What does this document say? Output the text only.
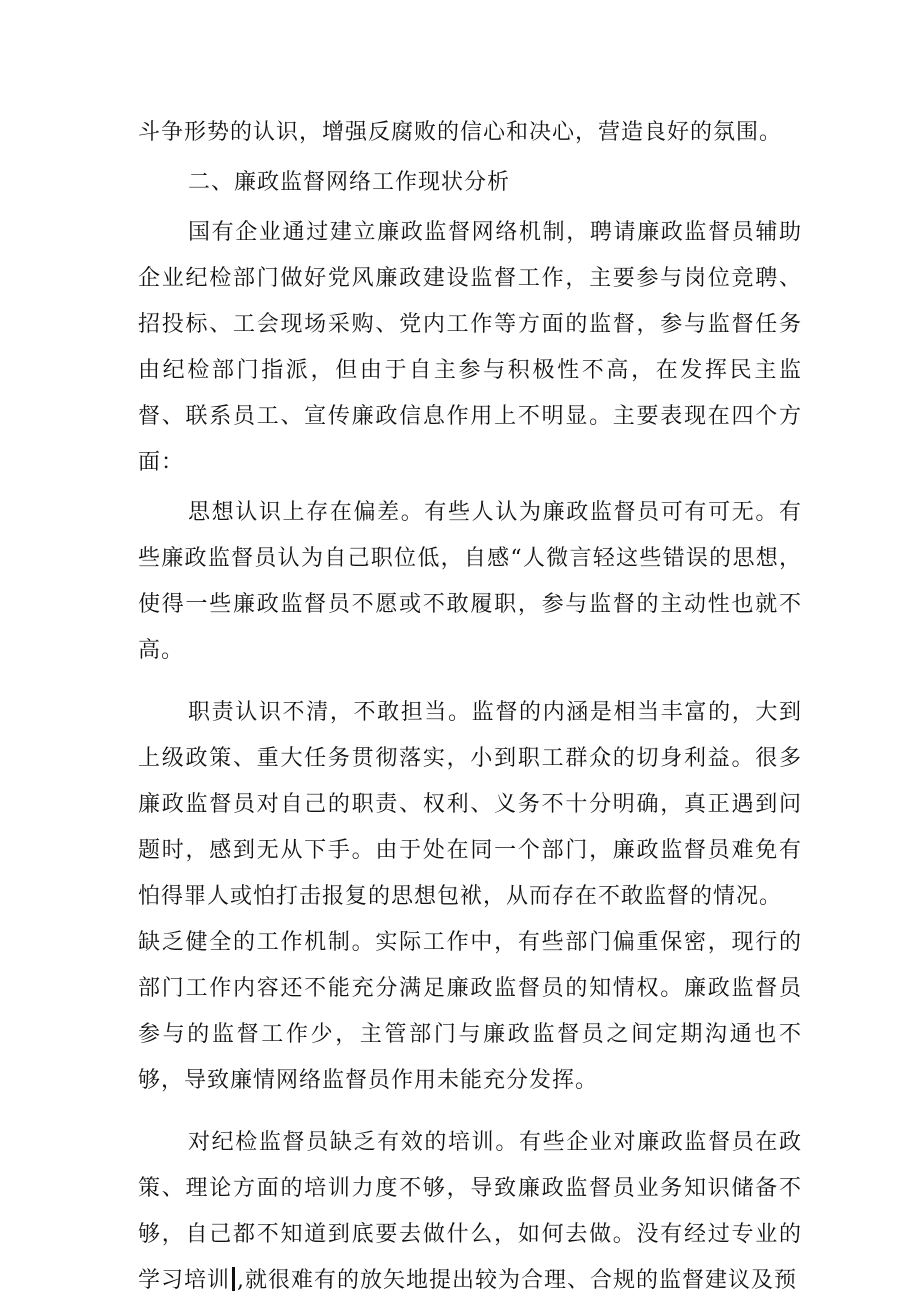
斗争形势的认识，增强反腐败的信心和决心，营造良好的氛围。

二、廉政监督网络工作现状分析

国有企业通过建立廉政监督网络机制，聘请廉政监督员辅助企业纪检部门做好党风廉政建设监督工作，主要参与岗位竞聘、招投标、工会现场采购、党内工作等方面的监督，参与监督任务由纪检部门指派，但由于自主参与积极性不高，在发挥民主监督、联系员工、宣传廉政信息作用上不明显。主要表现在四个方面：

思想认识上存在偏差。有些人认为廉政监督员可有可无。有些廉政监督员认为自己职位低，自感“人微言轻这些错误的思想，使得一些廉政监督员不愿或不敢履职，参与监督的主动性也就不高。

职责认识不清，不敢担当。监督的内涵是相当丰富的，大到上级政策、重大任务贯彻落实，小到职工群众的切身利益。很多廉政监督员对自己的职责、权利、义务不十分明确，真正遇到问题时，感到无从下手。由于处在同一个部门，廉政监督员难免有怕得罪人或怕打击报复的思想包袱，从而存在不敢监督的情况。

缺乏健全的工作机制。实际工作中，有些部门偏重保密，现行的部门工作内容还不能充分满足廉政监督员的知情权。廉政监督员参与的监督工作少，主管部门与廉政监督员之间定期沟通也不够，导致廉情网络监督员作用未能充分发挥。

对纪检监督员缺乏有效的培训。有些企业对廉政监督员在政策、理论方面的培训力度不够，导致廉政监督员业务知识储备不够，自己都不知道到底要去做什么，如何去做。没有经过专业的学习培训 ,就很难有的放矢地提出较为合理、合规的监督建议及预
